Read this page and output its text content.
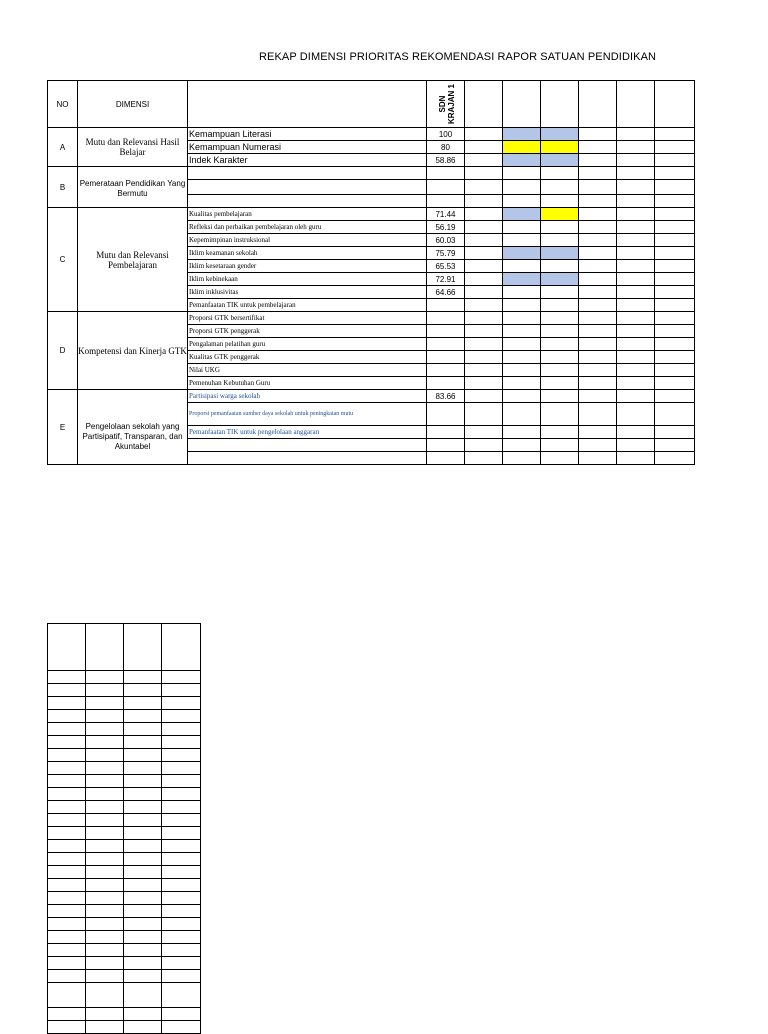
REKAP DIMENSI PRIORITAS REKOMENDASI RAPOR SATUAN PENDIDIKAN
NO	DIMENSI		SDN
KRAJAN 1						
A	Mutu dan Relevansi Hasil Belajar	Kemampuan Literasi	100						
		Kemampuan Numerasi	80						
		Indek Karakter	58.86						
B	Pemerataan Pendidikan Yang Bermutu								

C	Mutu dan Relevansi Pembelajaran	Kualitas pembelajaran	71.44						
		Refleksi dan perbaikan pembelajaran oleh guru	56.19						
		Kepemimpinan instruksional	60.03						
		Iklim keamanan sekolah	75.79						
		Iklim kesetaraan gender	65.53						
		Iklim kebinekaan	72.91						
		Iklim inklusivitas	64.66						
		Pemanfaatan TIK untuk pembelajaran							
D	Kompetensi dan Kinerja GTK	Proporsi GTK bersertifikat							
		Proporsi GTK penggerak							
		Pengalaman pelatihan guru							
		Kualitas GTK penggerak							
		Nilai UKG							
		Pemenuhan Kebutuhan Guru							
E	Pengelolaan sekolah yang Partisipatif, Transparan, dan Akuntabel	Partisipasi warga sekolah	83.66						
		Proporsi pemanfaatan sumber daya sekolah untuk peningkatan mutu							
		Pemanfaatan TIK untuk pengelolaan anggaran							
